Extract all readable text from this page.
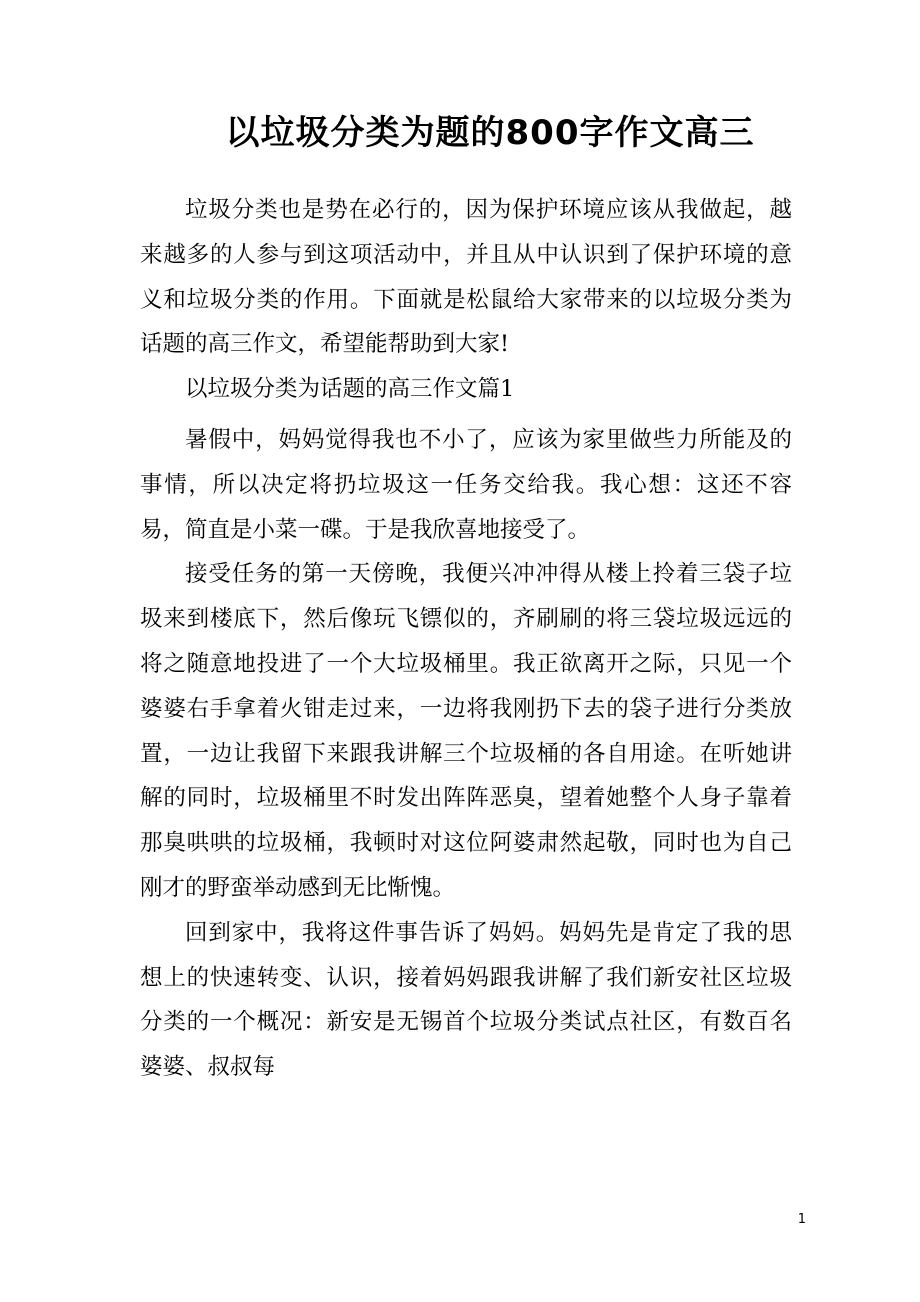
以垃圾分类为题的800字作文高三

垃圾分类也是势在必行的，因为保护环境应该从我做起，越来越多的人参与到这项活动中，并且从中认识到了保护环境的意义和垃圾分类的作用。下面就是松鼠给大家带来的以垃圾分类为话题的高三作文，希望能帮助到大家!

以垃圾分类为话题的高三作文篇1

暑假中，妈妈觉得我也不小了，应该为家里做些力所能及的事情，所以决定将扔垃圾这一任务交给我。我心想：这还不容易，简直是小菜一碟。于是我欣喜地接受了。

接受任务的第一天傍晚，我便兴冲冲得从楼上拎着三袋子垃圾来到楼底下，然后像玩飞镖似的，齐刷刷的将三袋垃圾远远的将之随意地投进了一个大垃圾桶里。我正欲离开之际，只见一个婆婆右手拿着火钳走过来，一边将我刚扔下去的袋子进行分类放置，一边让我留下来跟我讲解三个垃圾桶的各自用途。在听她讲解的同时，垃圾桶里不时发出阵阵恶臭，望着她整个人身子靠着那臭哄哄的垃圾桶，我顿时对这位阿婆肃然起敬，同时也为自己刚才的野蛮举动感到无比惭愧。

回到家中，我将这件事告诉了妈妈。妈妈先是肯定了我的思想上的快速转变、认识，接着妈妈跟我讲解了我们新安社区垃圾分类的一个概况：新安是无锡首个垃圾分类试点社区，有数百名婆婆、叔叔每

1
